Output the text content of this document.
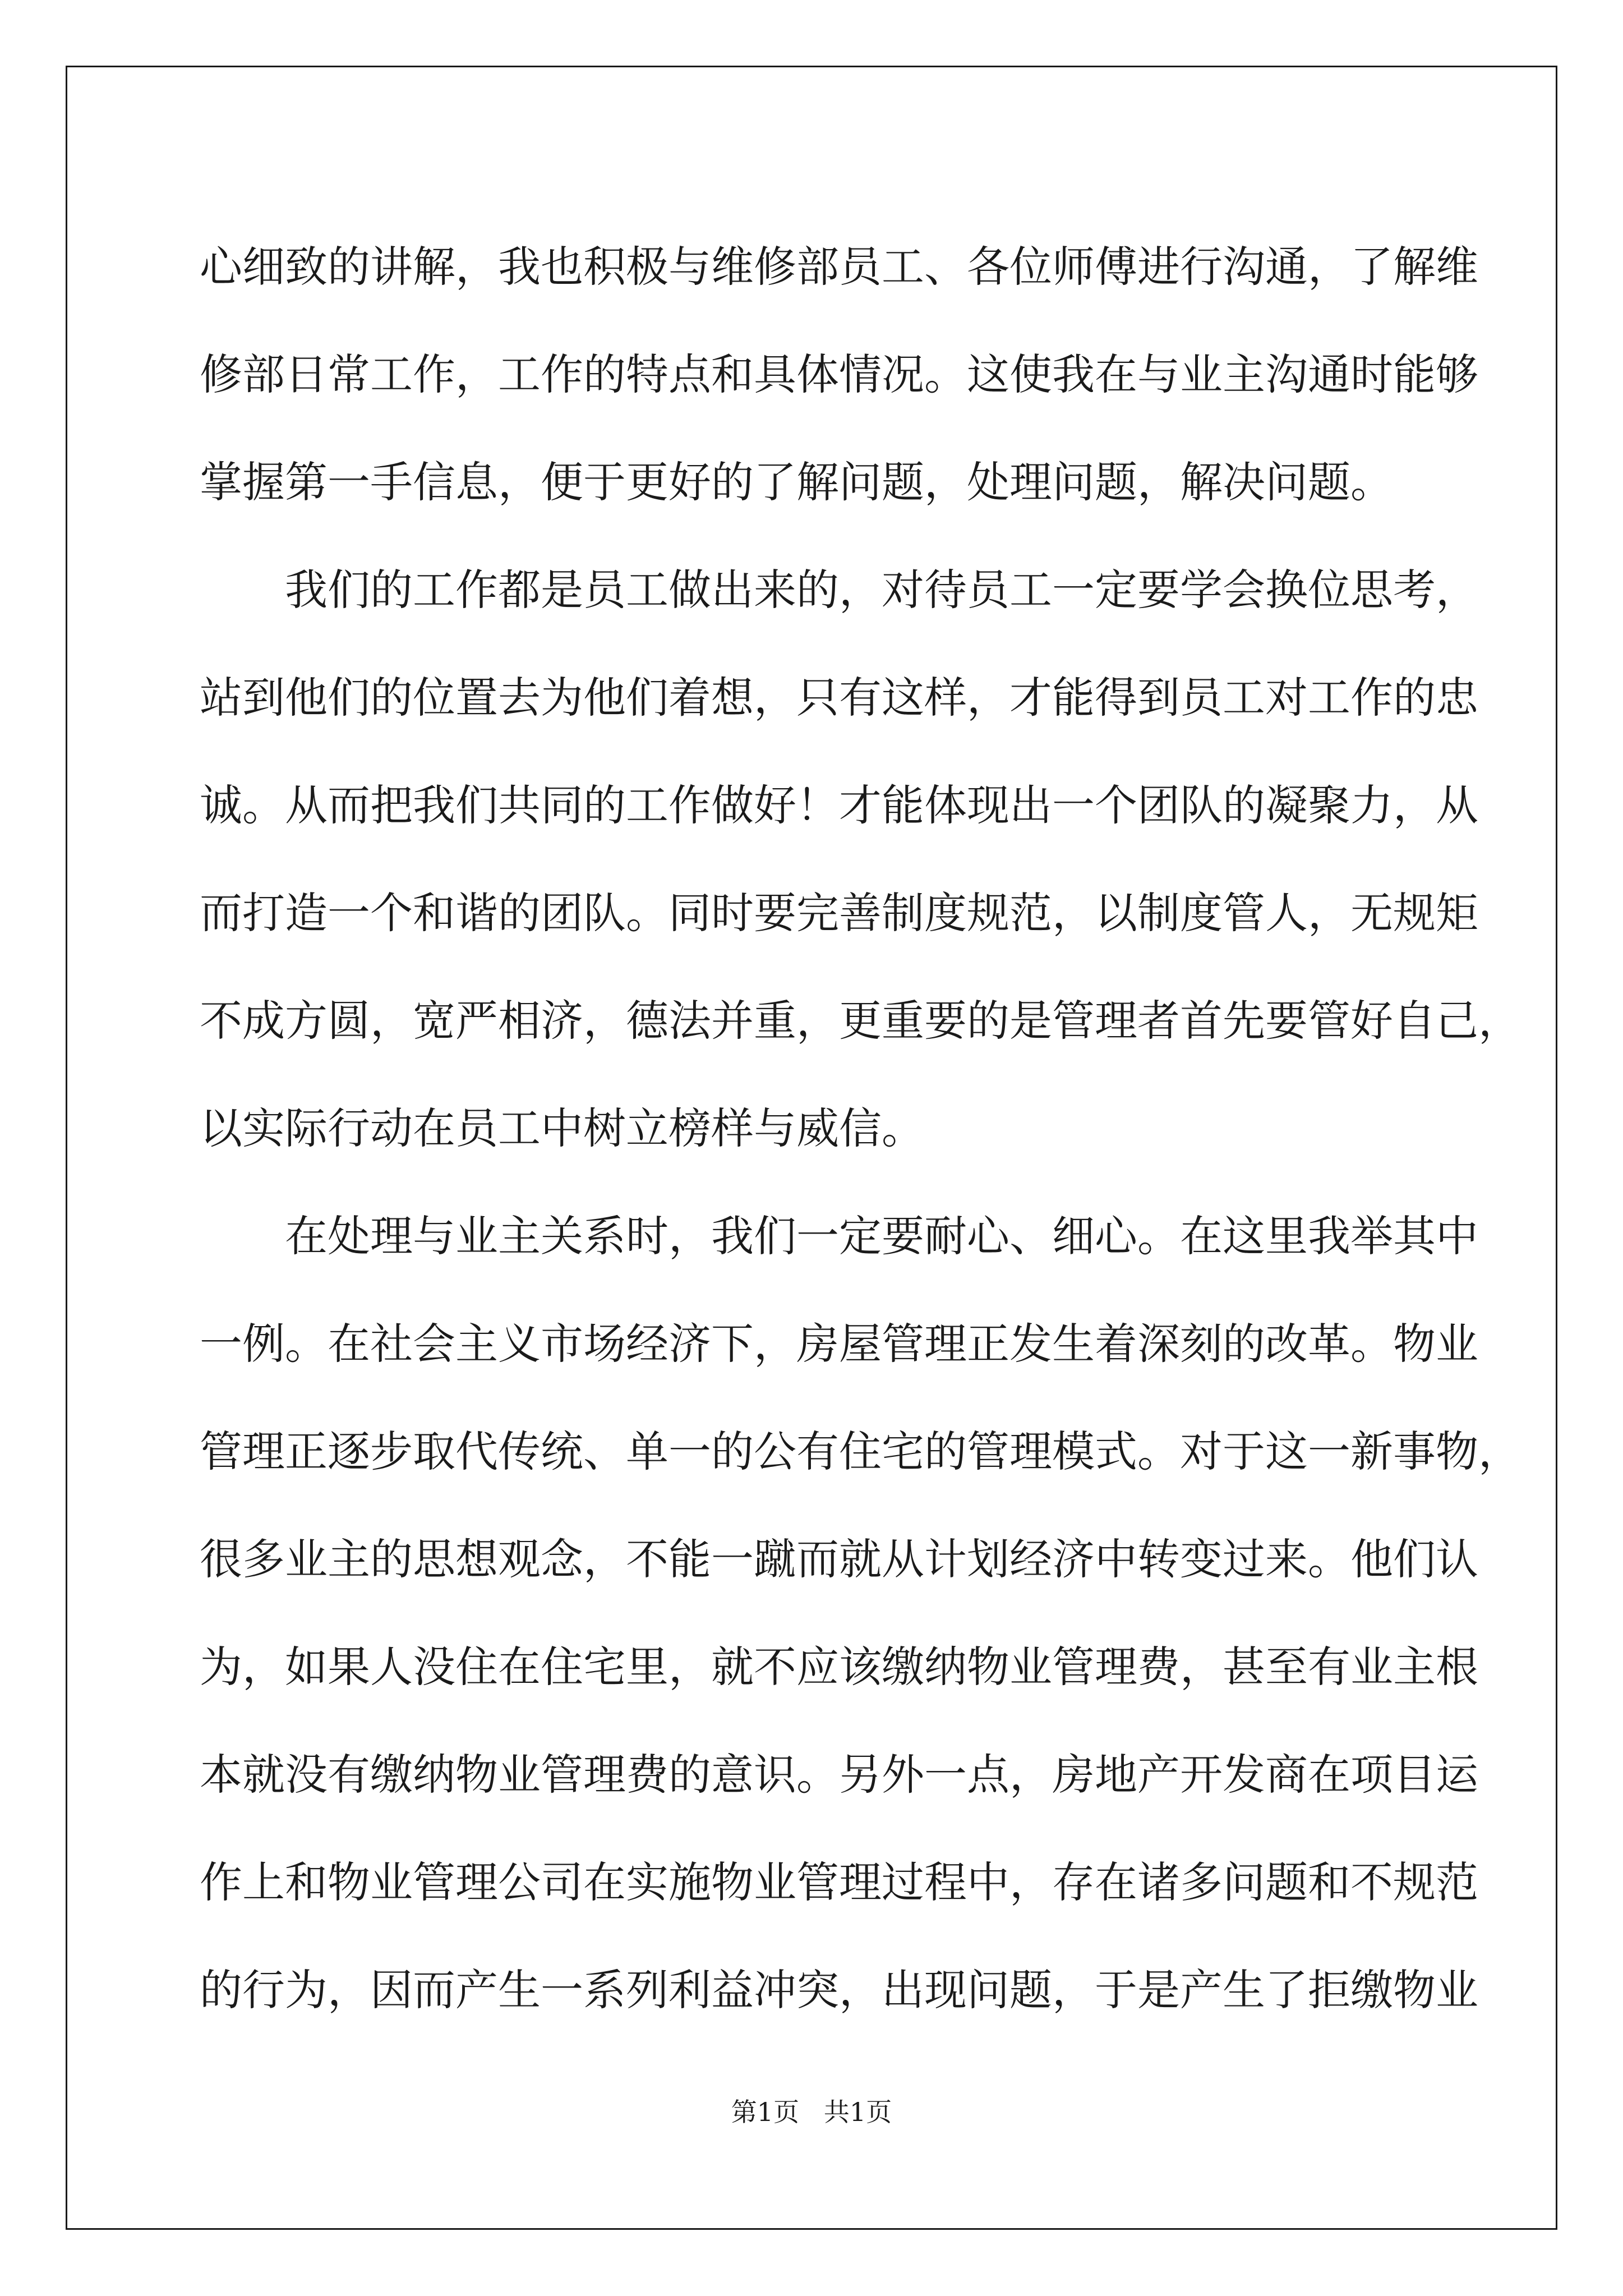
心细致的讲解，我也积极与维修部员工、各位师傅进行沟通，了解维
修部日常工作，工作的特点和具体情况。这使我在与业主沟通时能够
掌握第一手信息，便于更好的了解问题，处理问题，解决问题。
我们的工作都是员工做出来的，对待员工一定要学会换位思考，
站到他们的位置去为他们着想，只有这样，才能得到员工对工作的忠
诚。从而把我们共同的工作做好！才能体现出一个团队的凝聚力，从
而打造一个和谐的团队。同时要完善制度规范，以制度管人，无规矩
不成方圆，宽严相济，德法并重，更重要的是管理者首先要管好自己，
以实际行动在员工中树立榜样与威信。
在处理与业主关系时，我们一定要耐心、细心。在这里我举其中
一例。在社会主义市场经济下，房屋管理正发生着深刻的改革。物业
管理正逐步取代传统、单一的公有住宅的管理模式。对于这一新事物，
很多业主的思想观念，不能一蹴而就从计划经济中转变过来。他们认
为，如果人没住在住宅里，就不应该缴纳物业管理费，甚至有业主根
本就没有缴纳物业管理费的意识。另外一点，房地产开发商在项目运
作上和物业管理公司在实施物业管理过程中，存在诸多问题和不规范
的行为，因而产生一系列利益冲突，出现问题，于是产生了拒缴物业
第1页   共1页
